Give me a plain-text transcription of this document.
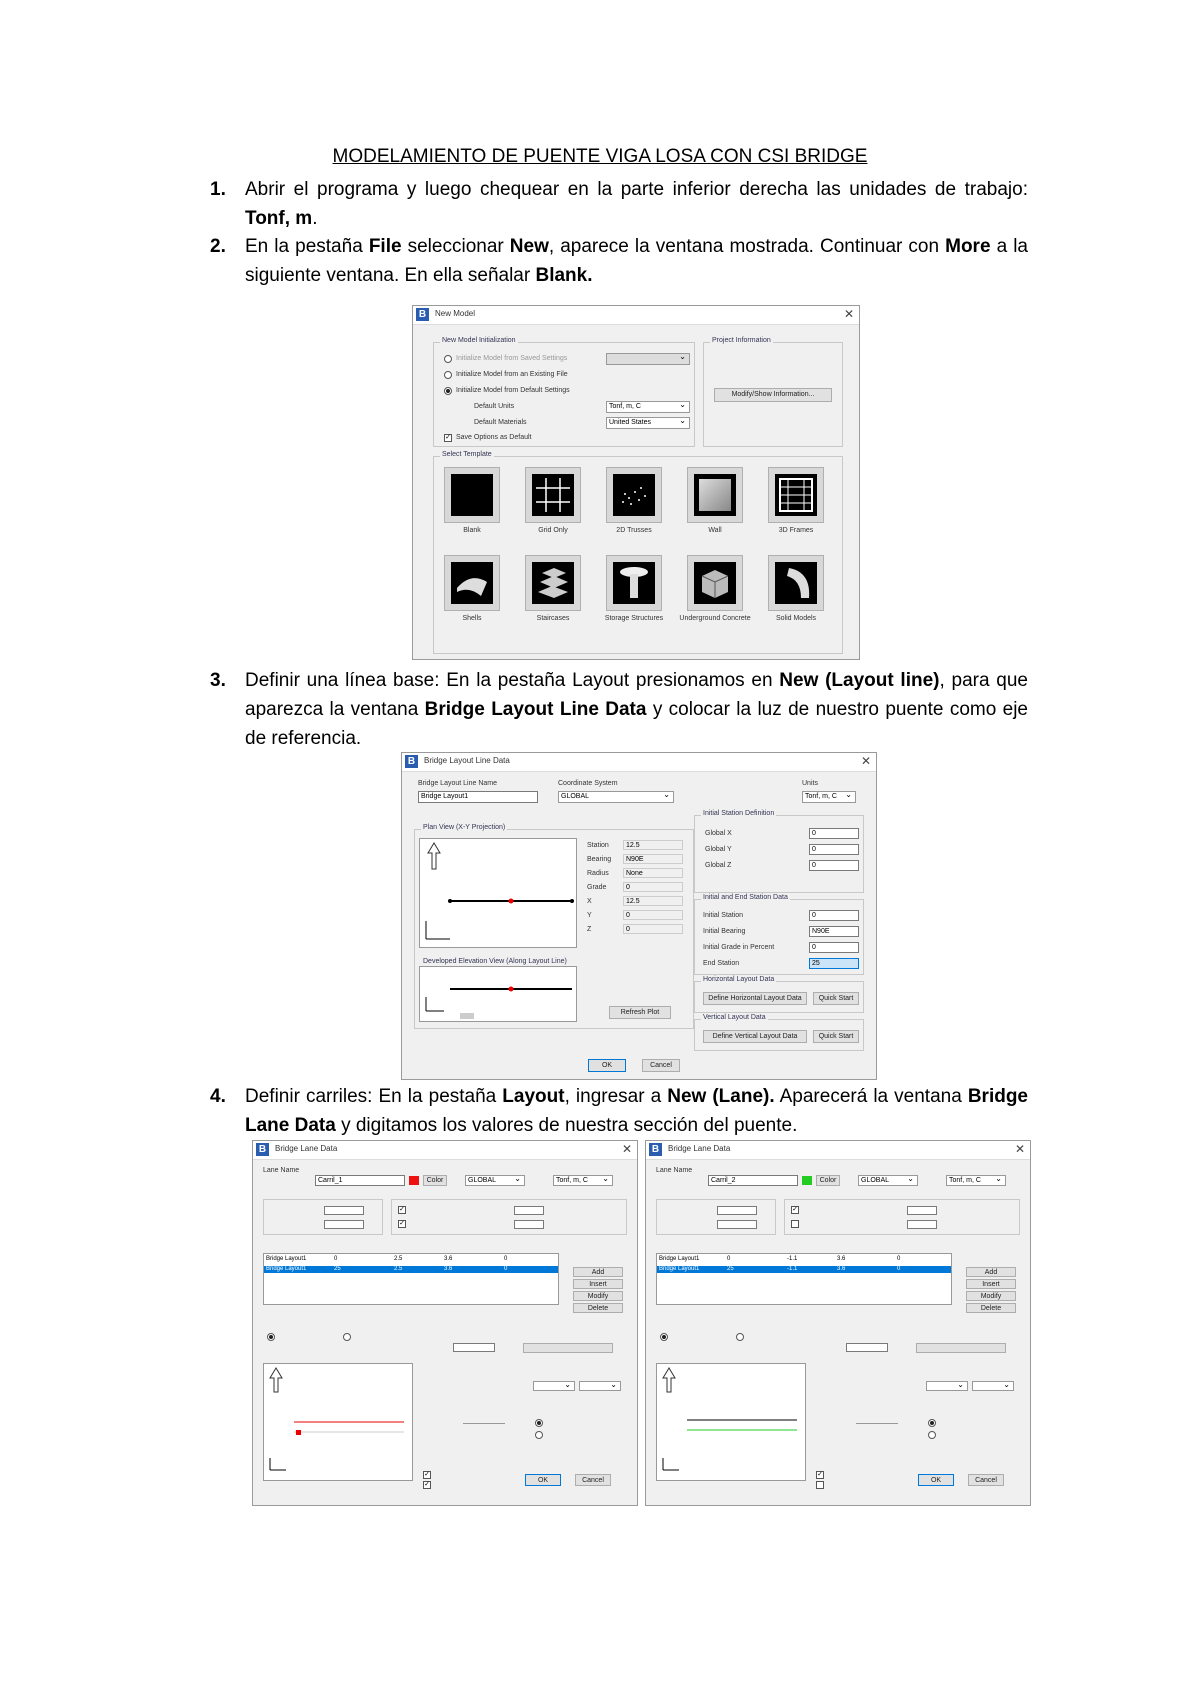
MODELAMIENTO DE PUENTE VIGA LOSA CON CSI BRIDGE
1. Abrir el programa y luego chequear en la parte inferior derecha las unidades de trabajo: Tonf, m.
2. En la pestaña File seleccionar New, aparece la ventana mostrada. Continuar con More a la siguiente ventana. En ella señalar Blank.
B	New Model	✕
New Model Initialization
Initialize Model from Saved Settings
⌄
Initialize Model from an Existing File
Initialize Model from Default Settings
Default Units	Tonf, m, C ⌄
Default Materials	United States ⌄
✓ Save Options as Default
Project Information
Modify/Show Information...
Select Template
Blank	Grid Only	2D Trusses	Wall	3D Frames
Shells	Staircases	Storage Structures	Underground Concrete	Solid Models
3. Definir una línea base: En la pestaña Layout presionamos en New (Layout line), para que aparezca la ventana Bridge Layout Line Data y colocar la luz de nuestro puente como eje de referencia.
B	Bridge Layout Line Data	✕
Bridge Layout Line Name
Bridge Layout1
Coordinate System
GLOBAL ⌄
Units
Tonf, m, C ⌄
Plan View (X-Y Projection)
Developed Elevation View (Along Layout Line)
Station	12.5
Bearing	N90E
Radius	None
Grade	0
X	12.5
Y	0
Z	0
Refresh Plot
Initial Station Definition
Global X	0
Global Y	0
Global Z	0
Initial and End Station Data
Initial Station	0
Initial Bearing	N90E
Initial Grade in Percent	0
End Station	25
Horizontal Layout Data
Define Horizontal Layout Data	Quick Start
Vertical Layout Data
Define Vertical Layout Data	Quick Start
OK	Cancel
4. Definir carriles: En la pestaña Layout, ingresar a New (Lane). Aparecerá la ventana Bridge Lane Data y digitamos los valores de nuestra sección del puente.
B	Bridge Lane Data	✕
Lane Name
Carril_1	Color	GLOBAL ⌄	Tonf, m, C ⌄
✓
✓
Bridge Layout1	0	2.5	3.6	0
Bridge Layout1	25	2.5	3.6	0	Add
Insert
Modify
Delete
⌄
⌄
✓
✓
OK	Cancel
B	Bridge Lane Data	✕
Lane Name
Carril_2	Color	GLOBAL ⌄	Tonf, m, C ⌄
✓
Bridge Layout1	0	-1.1	3.6	0
Bridge Layout1	25	-1.1	3.6	0	Add
Insert
Modify
Delete
⌄
⌄
✓
OK	Cancel
